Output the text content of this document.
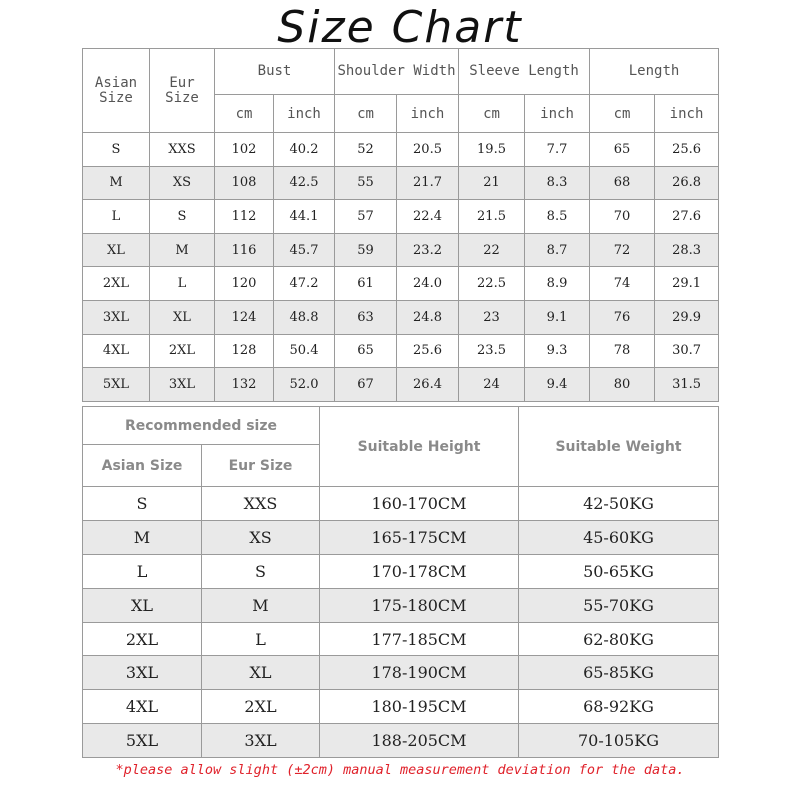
Size Chart
Asian Size	Eur Size	Bust		Shoulder Width		Sleeve Length		Length	
		cm	inch	cm	inch	cm	inch	cm	inch
S	XXS	102	40.2	52	20.5	19.5	7.7	65	25.6
M	XS	108	42.5	55	21.7	21	8.3	68	26.8
L	S	112	44.1	57	22.4	21.5	8.5	70	27.6
XL	M	116	45.7	59	23.2	22	8.7	72	28.3
2XL	L	120	47.2	61	24.0	22.5	8.9	74	29.1
3XL	XL	124	48.8	63	24.8	23	9.1	76	29.9
4XL	2XL	128	50.4	65	25.6	23.5	9.3	78	30.7
5XL	3XL	132	52.0	67	26.4	24	9.4	80	31.5
Recommended size		Suitable Height	Suitable Weight
Asian Size	Eur Size		
S	XXS	160-170CM	42-50KG
M	XS	165-175CM	45-60KG
L	S	170-178CM	50-65KG
XL	M	175-180CM	55-70KG
2XL	L	177-185CM	62-80KG
3XL	XL	178-190CM	65-85KG
4XL	2XL	180-195CM	68-92KG
5XL	3XL	188-205CM	70-105KG
*please allow slight (±2cm) manual measurement deviation for the data.
